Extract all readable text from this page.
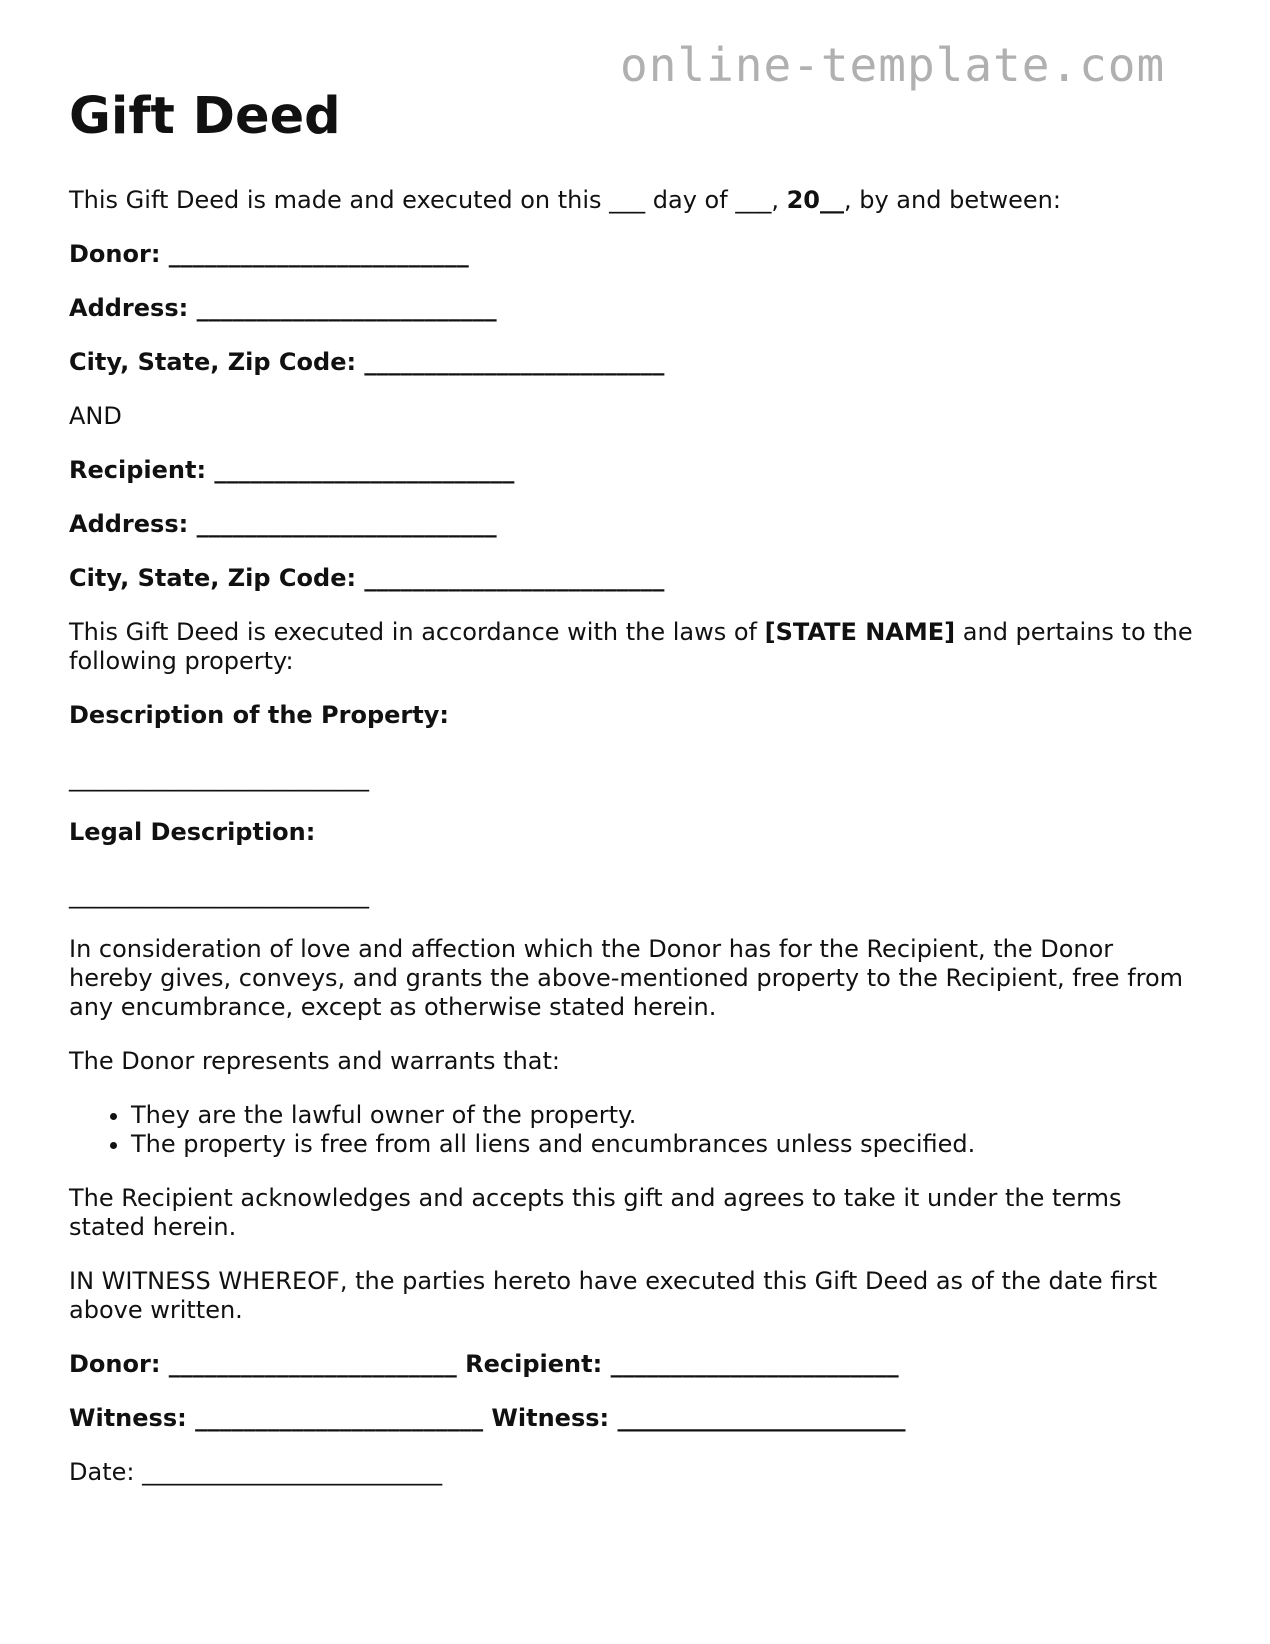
online-template.com
Gift Deed

This Gift Deed is made and executed on this ___ day of ___, 20__, by and between:

Donor: _________________________

Address: _________________________

City, State, Zip Code: _________________________

AND

Recipient: _________________________

Address: _________________________

City, State, Zip Code: _________________________

This Gift Deed is executed in accordance with the laws of [STATE NAME] and pertains to the following property:

Description of the Property:

_________________________

Legal Description:

_________________________

In consideration of love and affection which the Donor has for the Recipient, the Donor hereby gives, conveys, and grants the above-mentioned property to the Recipient, free from any encumbrance, except as otherwise stated herein.

The Donor represents and warrants that:

• They are the lawful owner of the property.
• The property is free from all liens and encumbrances unless specified.

The Recipient acknowledges and accepts this gift and agrees to take it under the terms stated herein.

IN WITNESS WHEREOF, the parties hereto have executed this Gift Deed as of the date first above written.

Donor: ________________________ Recipient: ________________________

Witness: ________________________ Witness: ________________________

Date: _________________________
